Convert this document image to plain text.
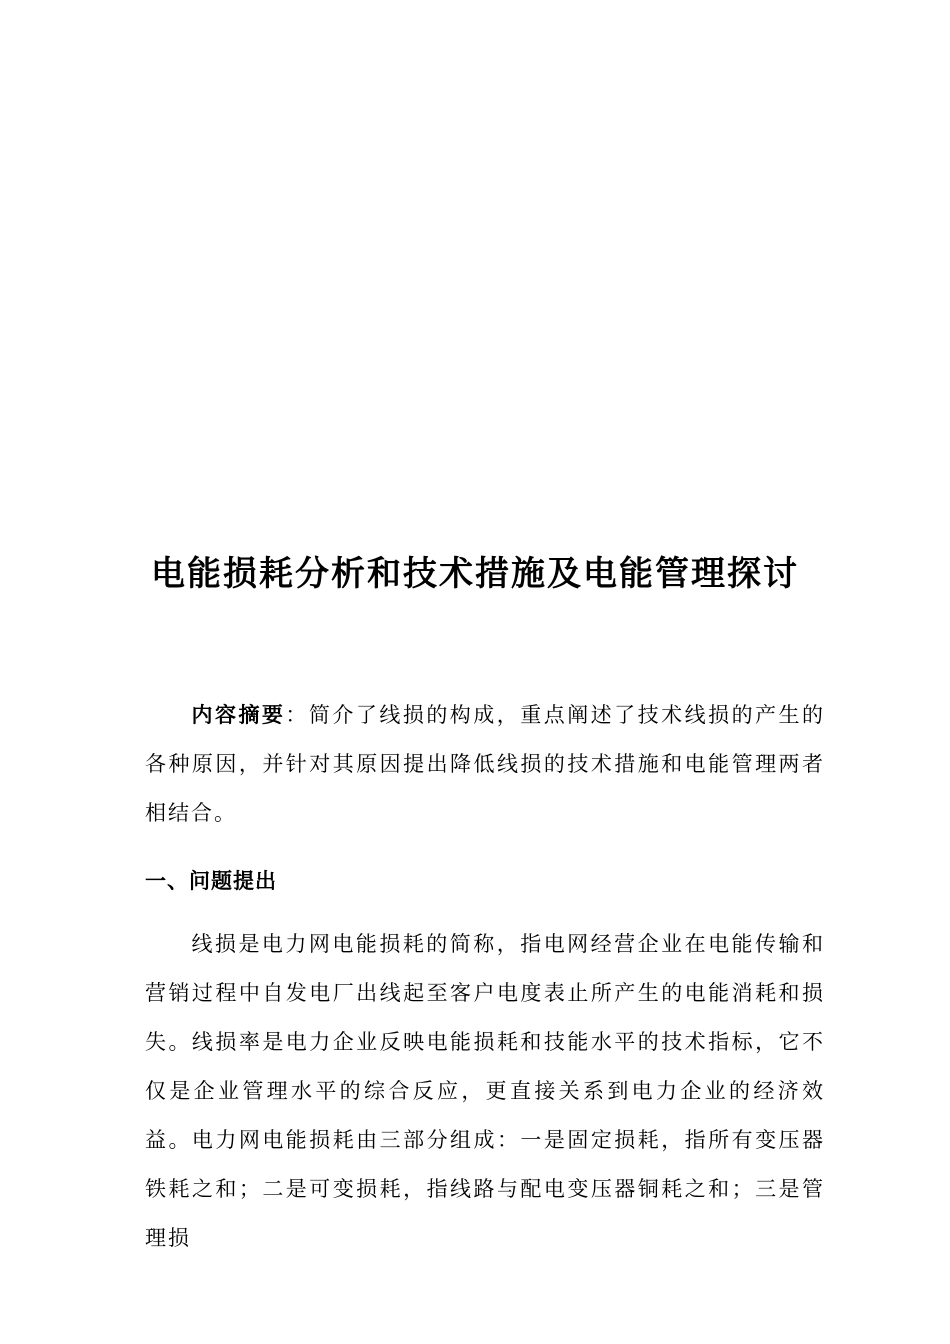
电能损耗分析和技术措施及电能管理探讨
内容摘要：简介了线损的构成，重点阐述了技术线损的产生的各种原因，并针对其原因提出降低线损的技术措施和电能管理两者相结合。
一、问题提出
线损是电力网电能损耗的简称，指电网经营企业在电能传输和营销过程中自发电厂出线起至客户电度表止所产生的电能消耗和损失。线损率是电力企业反映电能损耗和技能水平的技术指标，它不仅是企业管理水平的综合反应，更直接关系到电力企业的经济效益。电力网电能损耗由三部分组成：一是固定损耗，指所有变压器铁耗之和；二是可变损耗，指线路与配电变压器铜耗之和；三是管理损
